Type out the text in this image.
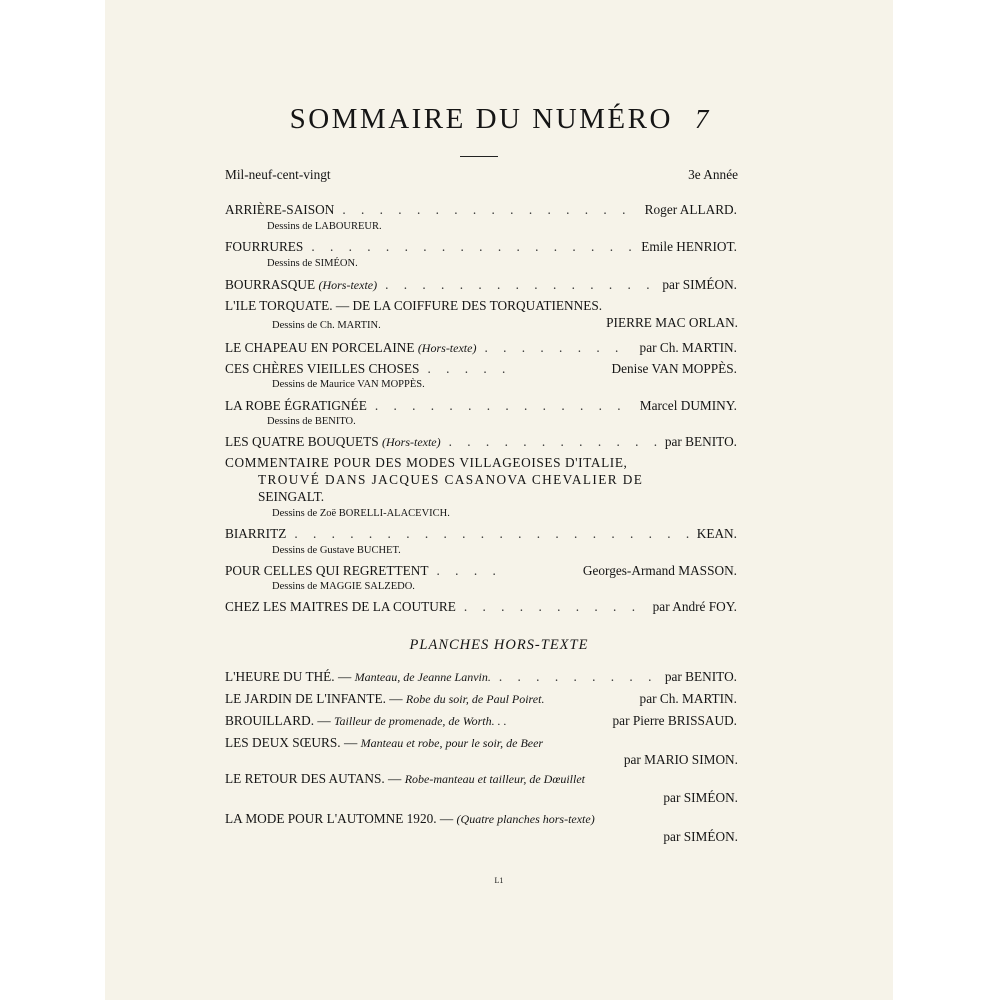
SOMMAIRE DU NUMÉRO 7
Mil-neuf-cent-vingt	3e Année
ARRIÈRE-SAISON . . .	Roger ALLARD.
Dessins de LABOUREUR.
FOURRURES . . .	Emile HENRIOT.
Dessins de SIMÉON.
BOURRASQUE (Hors-texte) . . .	par SIMÉON.
L'ILE TORQUATE. — DE LA COIFFURE DES TORQUATIENNES.
Dessins de Ch. MARTIN.	PIERRE MAC ORLAN.
LE CHAPEAU EN PORCELAINE (Hors-texte) . . .	par Ch. MARTIN.
CES CHÈRES VIEILLES CHOSES . . .	Denise VAN MOPPÈS.
Dessins de Maurice VAN MOPPÈS.
LA ROBE ÉGRATIGNÉE . . .	Marcel DUMINY.
Dessins de BENITO.
LES QUATRE BOUQUETS (Hors-texte) . . .	par BENITO.
COMMENTAIRE POUR DES MODES VILLAGEOISES D'ITALIE,
TROUVÉ DANS JACQUES CASANOVA CHEVALIER DE
SEINGALT.
Dessins de Zoë BORELLI-ALACEVICH.
BIARRITZ . . .	KEAN.
Dessins de Gustave BUCHET.
POUR CELLES QUI REGRETTENT . . .	Georges-Armand MASSON.
Dessins de MAGGIE SALZEDO.
CHEZ LES MAITRES DE LA COUTURE . . .	par André FOY.
PLANCHES HORS-TEXTE
L'HEURE DU THÉ. — Manteau, de Jeanne Lanvin. . . .	par BENITO.
LE JARDIN DE L'INFANTE. — Robe du soir, de Paul Poiret.	par Ch. MARTIN.
BROUILLARD. — Tailleur de promenade, de Worth. . .	par Pierre BRISSAUD.
LES DEUX SŒURS. — Manteau et robe, pour le soir, de Beer
par MARIO SIMON.
LE RETOUR DES AUTANS. — Robe-manteau et tailleur, de Dœuillet
par SIMÉON.
LA MODE POUR L'AUTOMNE 1920. — (Quatre planches hors-texte)
par SIMÉON.
L1
